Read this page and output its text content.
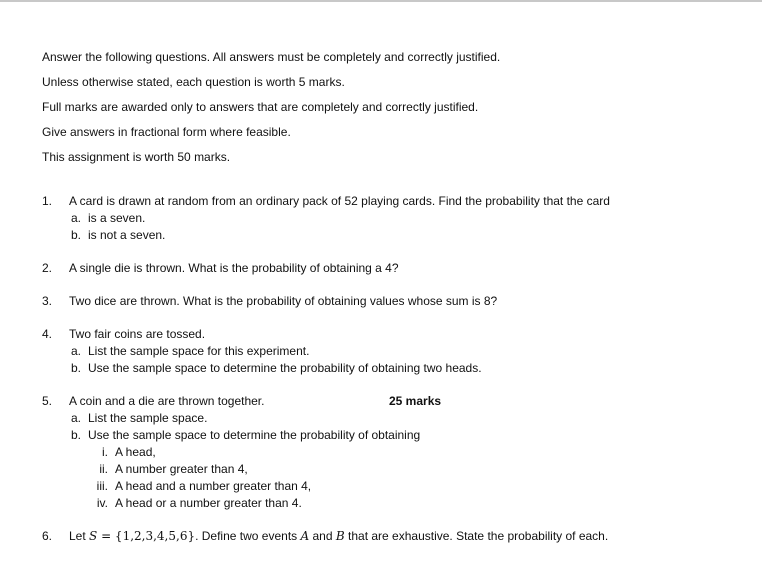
Answer the following questions. All answers must be completely and correctly justified.
Unless otherwise stated, each question is worth 5 marks.
Full marks are awarded only to answers that are completely and correctly justified.
Give answers in fractional form where feasible.
This assignment is worth 50 marks.
1. A card is drawn at random from an ordinary pack of 52 playing cards. Find the probability that the card
a. is a seven.
b. is not a seven.
2. A single die is thrown. What is the probability of obtaining a 4?
3. Two dice are thrown. What is the probability of obtaining values whose sum is 8?
4. Two fair coins are tossed.
a. List the sample space for this experiment.
b. Use the sample space to determine the probability of obtaining two heads.
5. A coin and a die are thrown together.	25 marks
a. List the sample space.
b. Use the sample space to determine the probability of obtaining
i. A head,
ii. A number greater than 4,
iii. A head and a number greater than 4,
iv. A head or a number greater than 4.
6. Let S = {1,2,3,4,5,6}. Define two events A and B that are exhaustive. State the probability of each.
